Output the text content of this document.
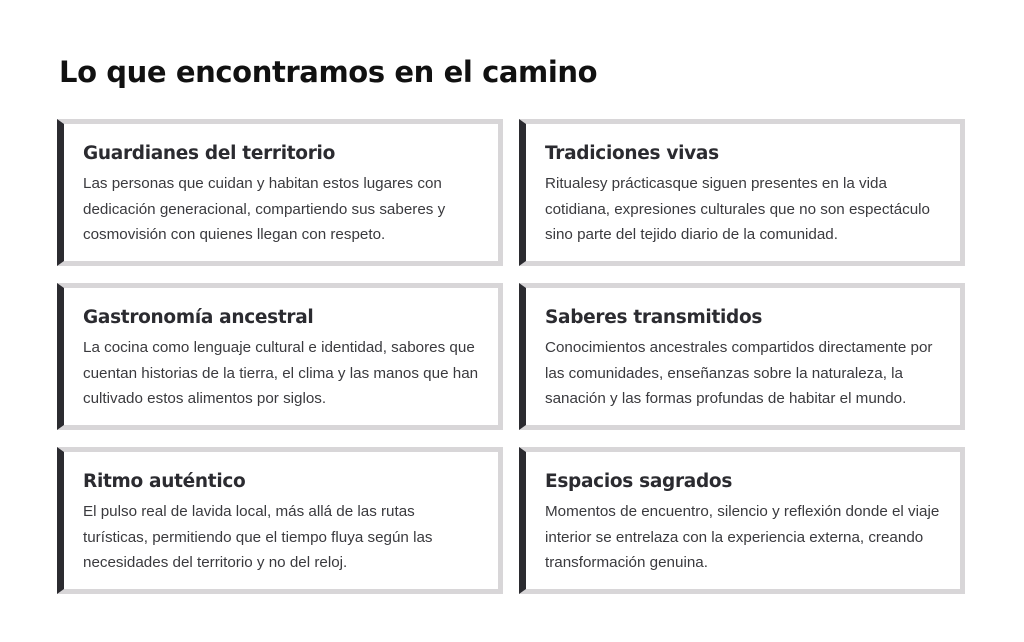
Lo que encontramos en el camino
Guardianes del territorio

Las personas que cuidan y habitan estos lugares con dedicación generacional, compartiendo sus saberes y cosmovisión con quienes llegan con respeto.

Tradiciones vivas

Ritualesy prácticasque siguen presentes en la vida cotidiana, expresiones culturales que no son espectáculo sino parte del tejido diario de la comunidad.

Gastronomía ancestral

La cocina como lenguaje cultural e identidad, sabores que cuentan historias de la tierra, el clima y las manos que han cultivado estos alimentos por siglos.

Saberes transmitidos

Conocimientos ancestrales compartidos directamente por las comunidades, enseñanzas sobre la naturaleza, la sanación y las formas profundas de habitar el mundo.

Ritmo auténtico

El pulso real de lavida local, más allá de las rutas turísticas, permitiendo que el tiempo fluya según las necesidades del territorio y no del reloj.

Espacios sagrados

Momentos de encuentro, silencio y reflexión donde el viaje interior se entrelaza con la experiencia externa, creando transformación genuina.
